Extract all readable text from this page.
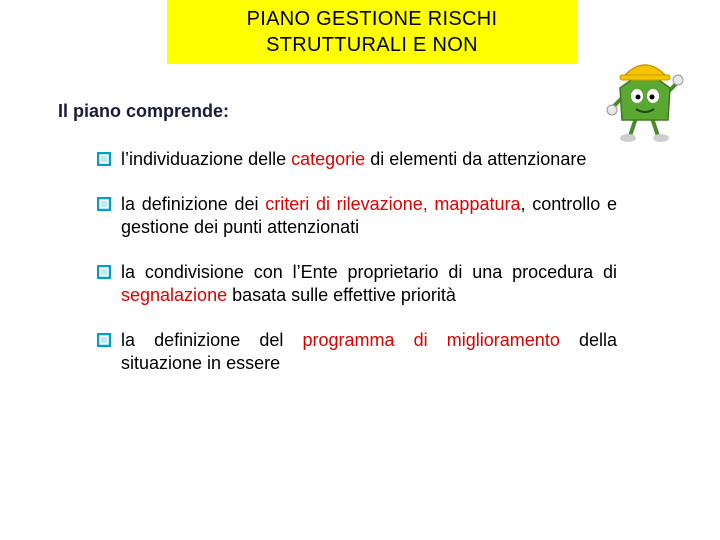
PIANO GESTIONE RISCHI
STRUTTURALI E NON
Il piano comprende:
l’individuazione delle categorie di elementi da attenzionare
la definizione dei criteri di rilevazione, mappatura, controllo e gestione dei punti attenzionati
la condivisione con l’Ente proprietario di una procedura di segnalazione basata sulle effettive priorità
la definizione del programma di miglioramento della situazione in essere
